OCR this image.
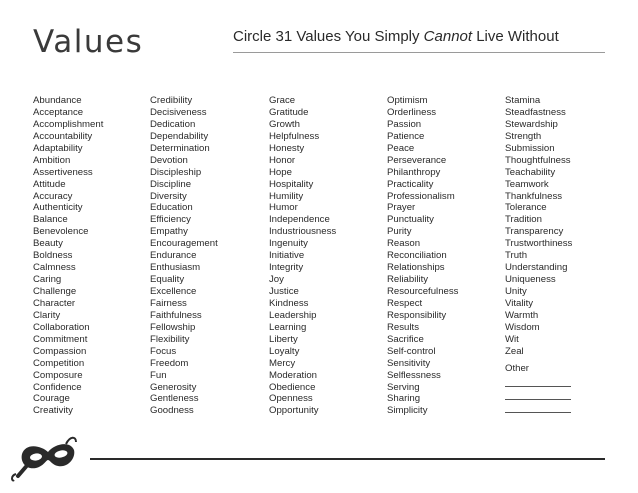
Values	Circle 31 Values You Simply Cannot Live Without
Abundance
Acceptance
Accomplishment
Accountability
Adaptability
Ambition
Assertiveness
Attitude
Accuracy
Authenticity
Balance
Benevolence
Beauty
Boldness
Calmness
Caring
Challenge
Character
Clarity
Collaboration
Commitment
Compassion
Competition
Composure
Confidence
Courage
Creativity
Credibility
Decisiveness
Dedication
Dependability
Determination
Devotion
Discipleship
Discipline
Diversity
Education
Efficiency
Empathy
Encouragement
Endurance
Enthusiasm
Equality
Excellence
Fairness
Faithfulness
Fellowship
Flexibility
Focus
Freedom
Fun
Generosity
Gentleness
Goodness
Grace
Gratitude
Growth
Helpfulness
Honesty
Honor
Hope
Hospitality
Humility
Humor
Independence
Industriousness
Ingenuity
Initiative
Integrity
Joy
Justice
Kindness
Leadership
Learning
Liberty
Loyalty
Mercy
Moderation
Obedience
Openness
Opportunity
Optimism
Orderliness
Passion
Patience
Peace
Perseverance
Philanthropy
Practicality
Professionalism
Prayer
Punctuality
Purity
Reason
Reconciliation
Relationships
Reliability
Resourcefulness
Respect
Responsibility
Results
Sacrifice
Self-control
Sensitivity
Selflessness
Serving
Sharing
Simplicity
Stamina
Steadfastness
Stewardship
Strength
Submission
Thoughtfulness
Teachability
Teamwork
Thankfulness
Tolerance
Tradition
Transparency
Trustworthiness
Truth
Understanding
Uniqueness
Unity
Vitality
Warmth
Wisdom
Wit
Zeal
Other
